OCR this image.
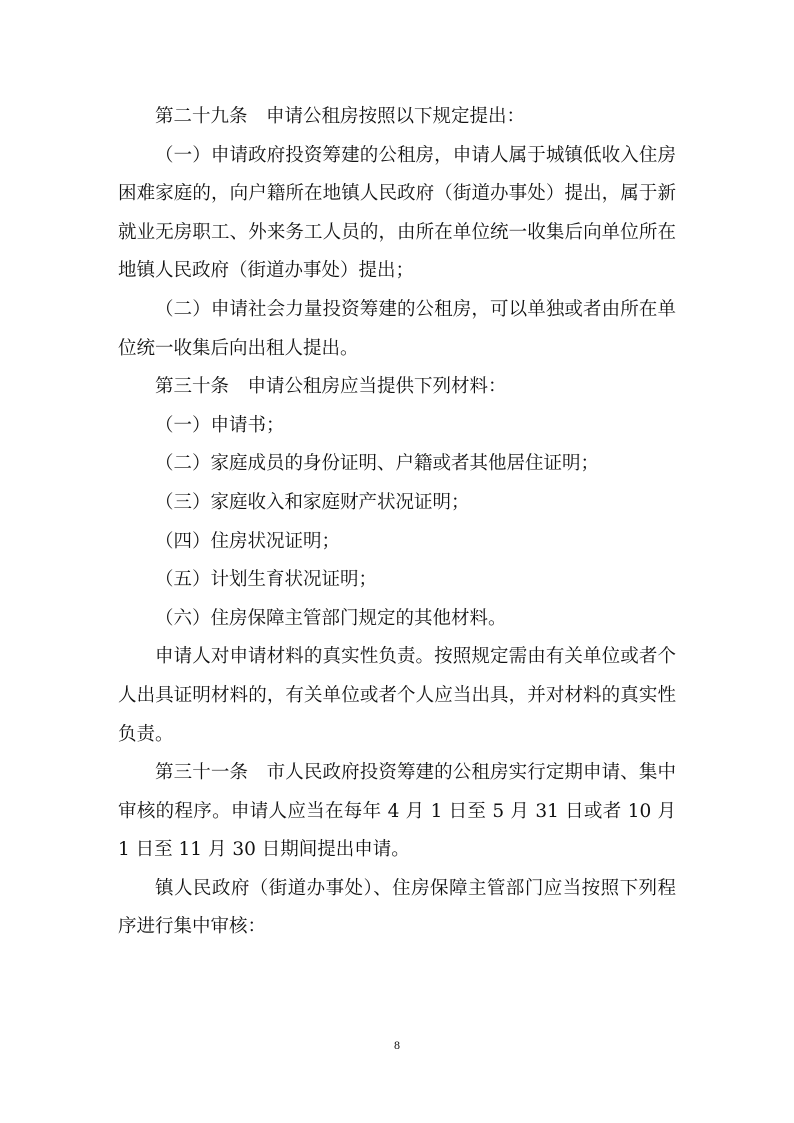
第二十九条　申请公租房按照以下规定提出：

（一）申请政府投资筹建的公租房，申请人属于城镇低收入住房困难家庭的，向户籍所在地镇人民政府（街道办事处）提出，属于新就业无房职工、外来务工人员的，由所在单位统一收集后向单位所在地镇人民政府（街道办事处）提出；

（二）申请社会力量投资筹建的公租房，可以单独或者由所在单位统一收集后向出租人提出。

第三十条　申请公租房应当提供下列材料：

（一）申请书；

（二）家庭成员的身份证明、户籍或者其他居住证明；

（三）家庭收入和家庭财产状况证明；

（四）住房状况证明；

（五）计划生育状况证明；

（六）住房保障主管部门规定的其他材料。

申请人对申请材料的真实性负责。按照规定需由有关单位或者个人出具证明材料的，有关单位或者个人应当出具，并对材料的真实性负责。

第三十一条　市人民政府投资筹建的公租房实行定期申请、集中审核的程序。申请人应当在每年 4 月 1 日至 5 月 31 日或者 10 月 1 日至 11 月 30 日期间提出申请。

镇人民政府（街道办事处）、住房保障主管部门应当按照下列程序进行集中审核：

8
